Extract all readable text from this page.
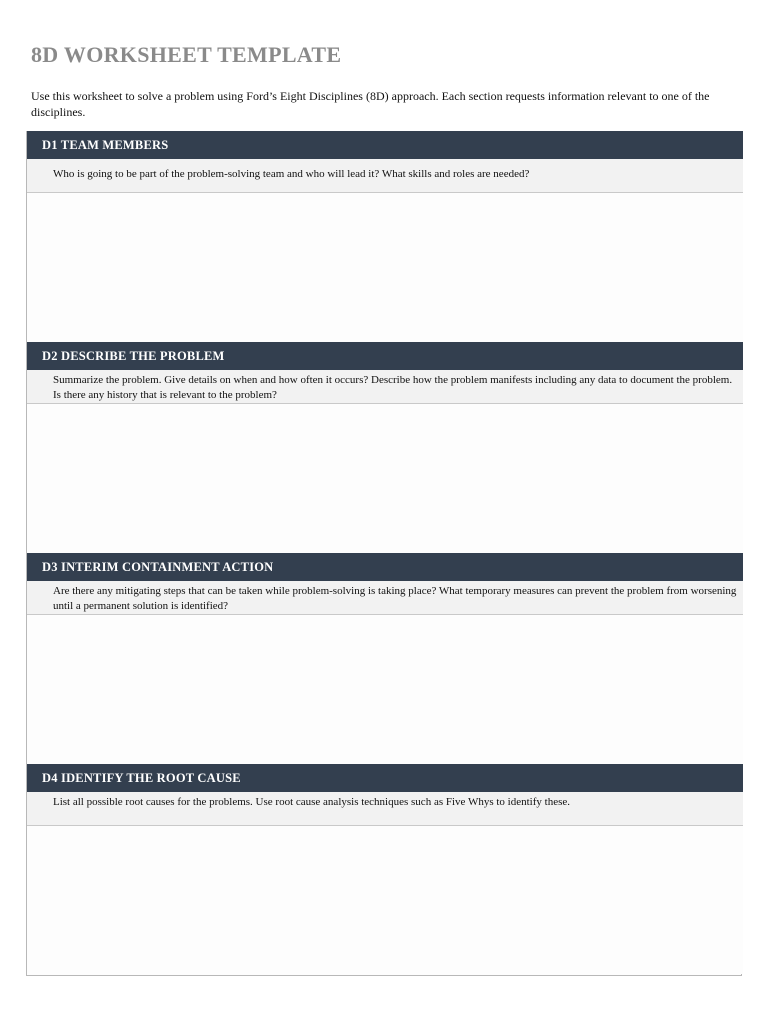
8D WORKSHEET TEMPLATE
Use this worksheet to solve a problem using Ford’s Eight Disciplines (8D) approach. Each section requests information relevant to one of the disciplines.
D1 TEAM MEMBERS
Who is going to be part of the problem-solving team and who will lead it? What skills and roles are needed?
D2 DESCRIBE THE PROBLEM
Summarize the problem. Give details on when and how often it occurs? Describe how the problem manifests including any data to document the problem. Is there any history that is relevant to the problem?
D3 INTERIM CONTAINMENT ACTION
Are there any mitigating steps that can be taken while problem-solving is taking place? What temporary measures can prevent the problem from worsening until a permanent solution is identified?
D4 IDENTIFY THE ROOT CAUSE
List all possible root causes for the problems. Use root cause analysis techniques such as Five Whys to identify these.
